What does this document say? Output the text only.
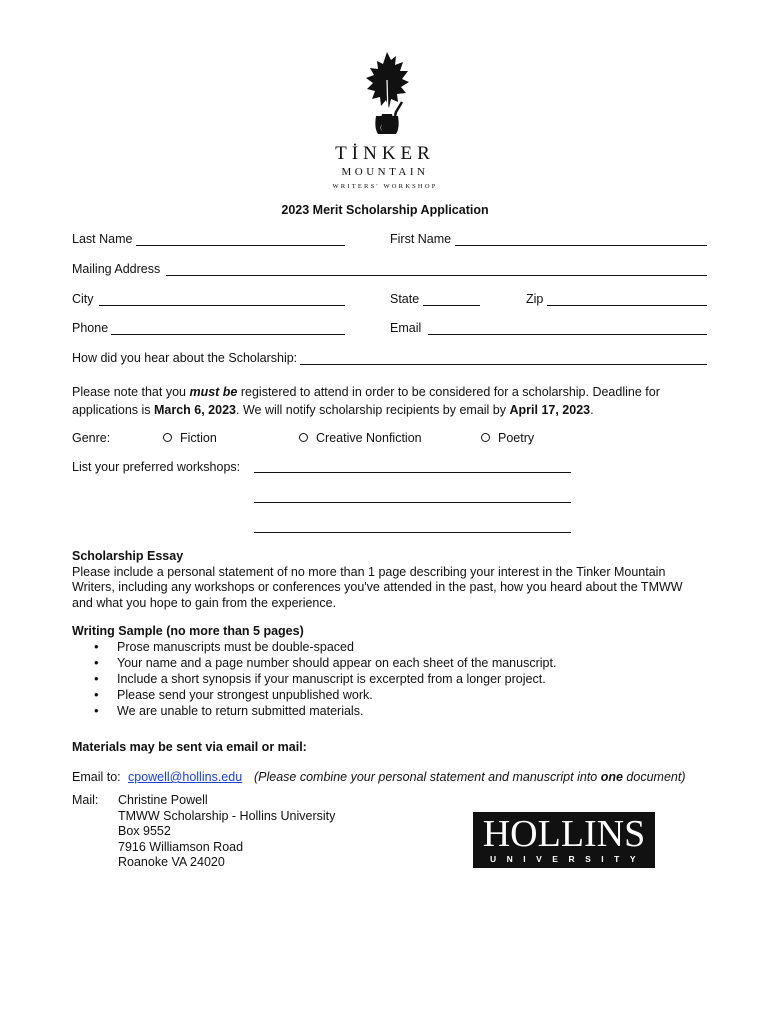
TİNKER
MOUNTAIN
WRITERS' WORKSHOP
2023 Merit Scholarship Application
Last Name	First Name
Mailing Address
City	State	Zip
Phone	Email
How did you hear about the Scholarship:
Please note that you must be registered to attend in order to be considered for a scholarship. Deadline for
applications is March 6, 2023. We will notify scholarship recipients by email by April 17, 2023.
Genre:	Fiction	Creative Nonfiction	Poetry
List your preferred workshops:
Scholarship Essay
Please include a personal statement of no more than 1 page describing your interest in the Tinker Mountain
Writers, including any workshops or conferences you've attended in the past, how you heard about the TMWW
and what you hope to gain from the experience.
Writing Sample (no more than 5 pages)
• Prose manuscripts must be double-spaced
• Your name and a page number should appear on each sheet of the manuscript.
• Include a short synopsis if your manuscript is excerpted from a longer project.
• Please send your strongest unpublished work.
• We are unable to return submitted materials.
Materials may be sent via email or mail:
Email to: cpowell@hollins.edu (Please combine your personal statement and manuscript into one document)
Mail: Christine Powell
TMWW Scholarship - Hollins University
Box 9552
7916 Williamson Road
Roanoke VA 24020
HOLLINS
UNIVERSITY
